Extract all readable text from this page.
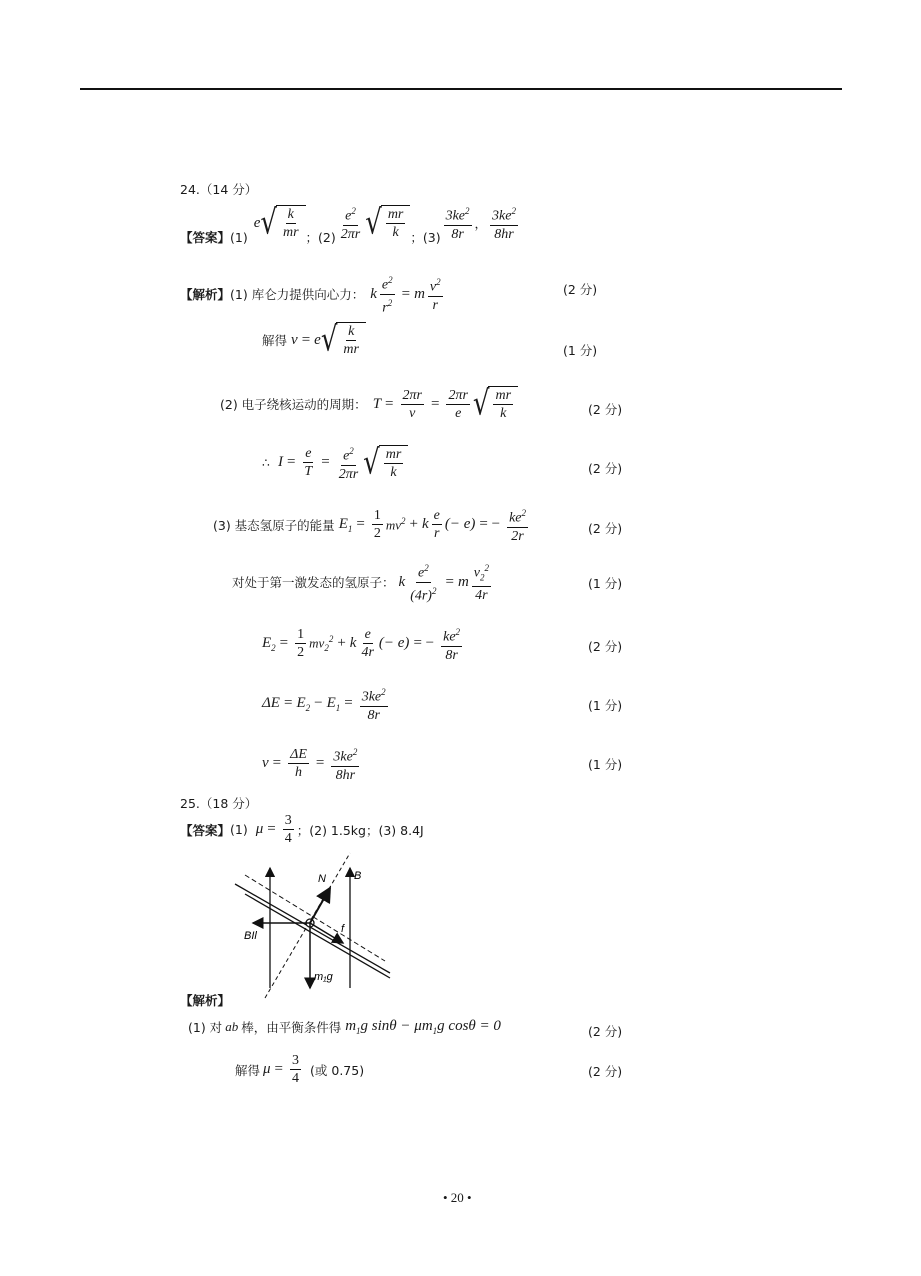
24.（14 分）
【答案】 (1)
e √ $\frac{k}{mr}$ ；$(2) \frac{e^2}{2\pi r}$ √ $\frac{mr}{k}$ ；$(3) \frac{3ke^2}{8r}$ ， $\frac{3ke^2}{8hr}$
【解析】 (1) 库仑力提供向心力： k $\frac{e^2}{r^2} = m \frac{v^2}{r}$	(2 分)
解得 v = e √ $\frac{k}{mr}$	(1 分)
(2) 电子绕核运动的周期： $T = \frac{2\pi r}{v} = \frac{2\pi r}{e}$ √ $\frac{mr}{k}$	(2 分)
∴ $I = \frac{e}{T} = \frac{e^2}{2\pi r}$ √ $\frac{mr}{k}$	(2 分)
(3) 基态氢原子的能量 $E_1 = \frac{1}{2} mv^2 + k \frac{e}{r}$ (− e) = − $\frac{ke^2}{2r}$	(2 分)
对处于第一激发态的氢原子： k $\frac{e^2}{(4r)^2} = m \frac{v_2^2}{4r}$	(1 分)
$E_2 = \frac{1}{2} mv_2^2 + k \frac{e}{4r}$ (− e) = − $\frac{ke^2}{8r}$	(2 分)
$\Delta E = E_2 - E_1 = \frac{3ke^2}{8r}$	(1 分)
$\nu = \frac{\Delta E}{h} = \frac{3ke^2}{8hr}$	(1 分)
25.（18 分）
【答案】 (1) $\mu = \frac{3}{4}$ ；(2) 1.5kg；(3) 8.4J
N	B
BIl
f
m₁g
【解析】
(1) 对 ab 棒，由平衡条件得 $m_1g$ $\sin\theta - \mu m_1g$ cosθ = 0	(2 分)
解得 $\mu = \frac{3}{4}$ (或 0.75)	(2 分)
• 20 •
